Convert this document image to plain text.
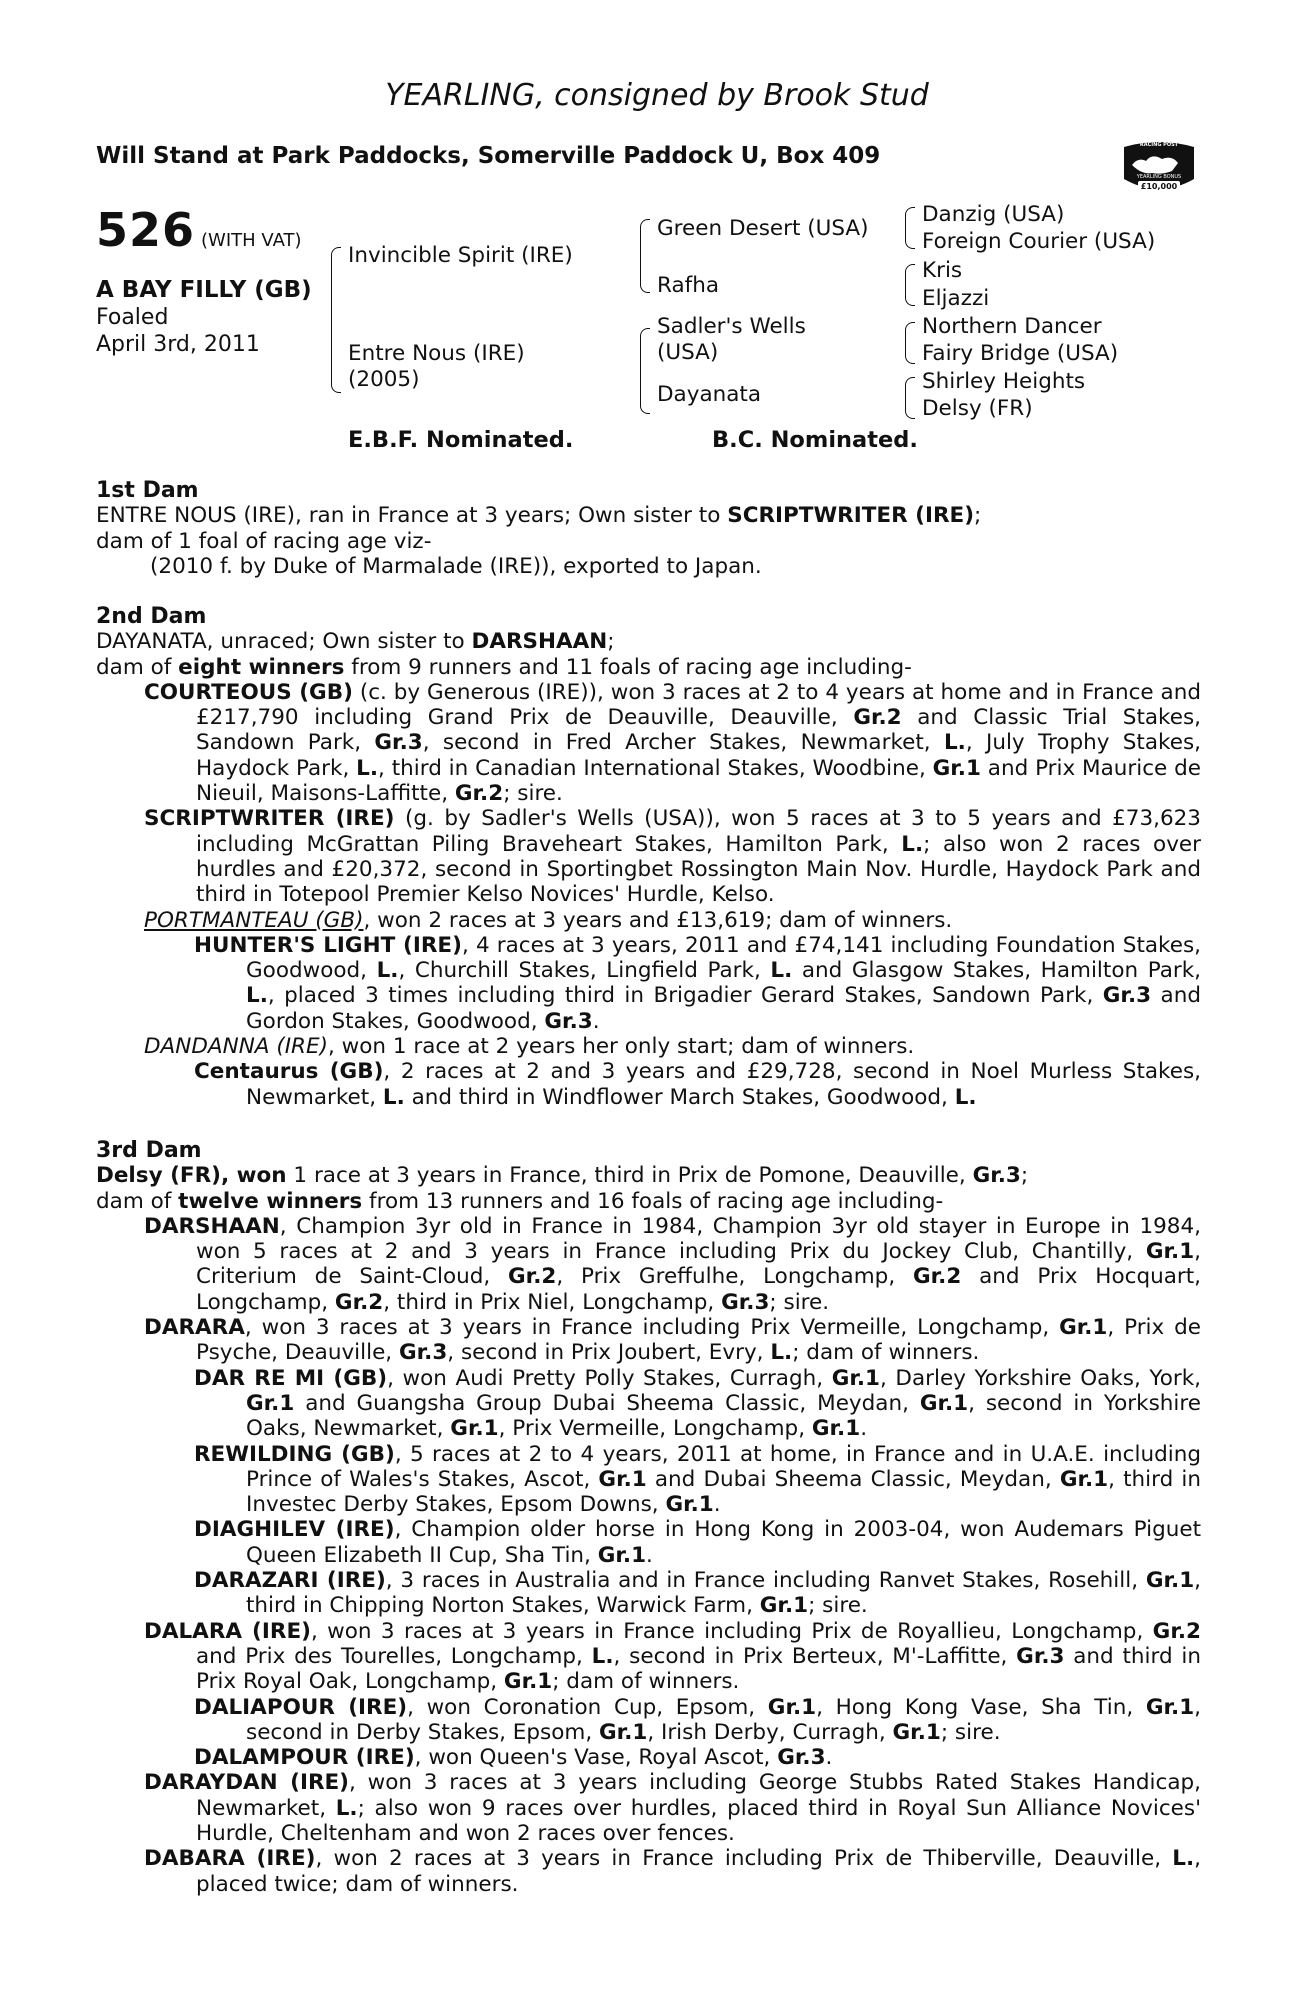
YEARLING, consigned by Brook Stud
Will Stand at Park Paddocks, Somerville Paddock U, Box 409	RACING POST
YEARLING BONUS
£10,000
526 (WITH VAT)
A BAY FILLY (GB)
Foaled
April 3rd, 2011
Invincible Spirit (IRE)
Entre Nous (IRE)
(2005)
Green Desert (USA)
Rafha
Sadler's Wells
(USA)
Dayanata
Danzig (USA)
Foreign Courier (USA)
Kris
Eljazzi
Northern Dancer
Fairy Bridge (USA)
Shirley Heights
Delsy (FR)
E.B.F. Nominated.	B.C. Nominated.
1st Dam

ENTRE NOUS (IRE), ran in France at 3 years; Own sister to SCRIPTWRITER (IRE);

dam of 1 foal of racing age viz-

(2010 f. by Duke of Marmalade (IRE)), exported to Japan.

2nd Dam

DAYANATA, unraced; Own sister to DARSHAAN;

dam of eight winners from 9 runners and 11 foals of racing age including-

COURTEOUS (GB) (c. by Generous (IRE)), won 3 races at 2 to 4 years at home and in France and £217,790 including Grand Prix de Deauville, Deauville, Gr.2 and Classic Trial Stakes, Sandown Park, Gr.3, second in Fred Archer Stakes, Newmarket, L., July Trophy Stakes, Haydock Park, L., third in Canadian International Stakes, Woodbine, Gr.1 and Prix Maurice de Nieuil, Maisons-Laffitte, Gr.2; sire.

SCRIPTWRITER (IRE) (g. by Sadler's Wells (USA)), won 5 races at 3 to 5 years and £73,623 including McGrattan Piling Braveheart Stakes, Hamilton Park, L.; also won 2 races over hurdles and £20,372, second in Sportingbet Rossington Main Nov. Hurdle, Haydock Park and third in Totepool Premier Kelso Novices' Hurdle, Kelso.

PORTMANTEAU (GB), won 2 races at 3 years and £13,619; dam of winners.

HUNTER'S LIGHT (IRE), 4 races at 3 years, 2011 and £74,141 including Foundation Stakes, Goodwood, L., Churchill Stakes, Lingfield Park, L. and Glasgow Stakes, Hamilton Park, L., placed 3 times including third in Brigadier Gerard Stakes, Sandown Park, Gr.3 and Gordon Stakes, Goodwood, Gr.3.

DANDANNA (IRE), won 1 race at 2 years her only start; dam of winners.

Centaurus (GB), 2 races at 2 and 3 years and £29,728, second in Noel Murless Stakes, Newmarket, L. and third in Windflower March Stakes, Goodwood, L.

3rd Dam

Delsy (FR), won 1 race at 3 years in France, third in Prix de Pomone, Deauville, Gr.3;

dam of twelve winners from 13 runners and 16 foals of racing age including-

DARSHAAN, Champion 3yr old in France in 1984, Champion 3yr old stayer in Europe in 1984, won 5 races at 2 and 3 years in France including Prix du Jockey Club, Chantilly, Gr.1, Criterium de Saint-Cloud, Gr.2, Prix Greffulhe, Longchamp, Gr.2 and Prix Hocquart, Longchamp, Gr.2, third in Prix Niel, Longchamp, Gr.3; sire.

DARARA, won 3 races at 3 years in France including Prix Vermeille, Longchamp, Gr.1, Prix de Psyche, Deauville, Gr.3, second in Prix Joubert, Evry, L.; dam of winners.

DAR RE MI (GB), won Audi Pretty Polly Stakes, Curragh, Gr.1, Darley Yorkshire Oaks, York, Gr.1 and Guangsha Group Dubai Sheema Classic, Meydan, Gr.1, second in Yorkshire Oaks, Newmarket, Gr.1, Prix Vermeille, Longchamp, Gr.1.

REWILDING (GB), 5 races at 2 to 4 years, 2011 at home, in France and in U.A.E. including Prince of Wales's Stakes, Ascot, Gr.1 and Dubai Sheema Classic, Meydan, Gr.1, third in Investec Derby Stakes, Epsom Downs, Gr.1.

DIAGHILEV (IRE), Champion older horse in Hong Kong in 2003-04, won Audemars Piguet Queen Elizabeth II Cup, Sha Tin, Gr.1.

DARAZARI (IRE), 3 races in Australia and in France including Ranvet Stakes, Rosehill, Gr.1, third in Chipping Norton Stakes, Warwick Farm, Gr.1; sire.

DALARA (IRE), won 3 races at 3 years in France including Prix de Royallieu, Longchamp, Gr.2 and Prix des Tourelles, Longchamp, L., second in Prix Berteux, M'-Laffitte, Gr.3 and third in Prix Royal Oak, Longchamp, Gr.1; dam of winners.

DALIAPOUR (IRE), won Coronation Cup, Epsom, Gr.1, Hong Kong Vase, Sha Tin, Gr.1, second in Derby Stakes, Epsom, Gr.1, Irish Derby, Curragh, Gr.1; sire.

DALAMPOUR (IRE), won Queen's Vase, Royal Ascot, Gr.3.

DARAYDAN (IRE), won 3 races at 3 years including George Stubbs Rated Stakes Handicap, Newmarket, L.; also won 9 races over hurdles, placed third in Royal Sun Alliance Novices' Hurdle, Cheltenham and won 2 races over fences.

DABARA (IRE), won 2 races at 3 years in France including Prix de Thiberville, Deauville, L., placed twice; dam of winners.
